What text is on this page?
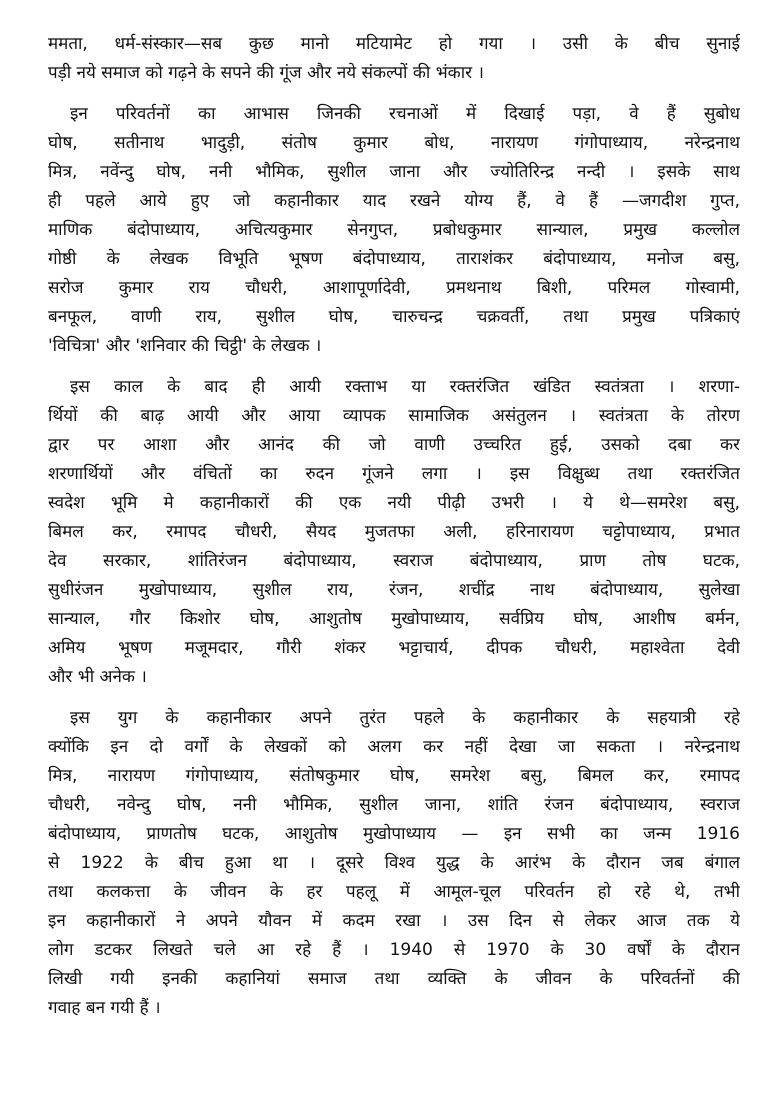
ममता, धर्म-संस्कार—सब कुछ मानो मटियामेट हो गया । उसी के बीच सुनाई
पड़ी नये समाज को गढ़ने के सपने की गूंज और नये संकल्पों की भंकार ।
इन परिवर्तनों का आभास जिनकी रचनाओं में दिखाई पड़ा, वे हैं सुबोध
घोष, सतीनाथ भादुड़ी, संतोष कुमार बोध, नारायण गंगोपाध्याय, नरेन्द्रनाथ
मित्र, नवेंन्दु घोष, ननी भौमिक, सुशील जाना और ज्योतिरिन्द्र नन्दी । इसके साथ
ही पहले आये हुए जो कहानीकार याद रखने योग्य हैं, वे हैं —जगदीश गुप्त,
माणिक बंदोपाध्याय, अचित्यकुमार सेनगुप्त, प्रबोधकुमार सान्याल, प्रमुख कल्लोल
गोष्ठी के लेखक विभूति भूषण बंदोपाध्याय, ताराशंकर बंदोपाध्याय, मनोज बसु,
सरोज कुमार राय चौधरी, आशापूर्णादेवी, प्रमथनाथ बिशी, परिमल गोस्वामी,
बनफूल, वाणी राय, सुशील घोष, चारुचन्द्र चक्रवर्ती, तथा प्रमुख पत्रिकाएं
'विचित्रा' और 'शनिवार की चिट्ठी' के लेखक ।
इस काल के बाद ही आयी रक्ताभ या रक्तरंजित खंडित स्वतंत्रता । शरणा-
र्थियों की बाढ़ आयी और आया व्यापक सामाजिक असंतुलन । स्वतंत्रता के तोरण
द्वार पर आशा और आनंद की जो वाणी उच्चरित हुई, उसको दबा कर
शरणार्थियों और वंचितों का रुदन गूंजने लगा । इस विक्षुब्ध तथा रक्तरंजित
स्वदेश भूमि मे कहानीकारों की एक नयी पीढ़ी उभरी । ये थे—समरेश बसु,
बिमल कर, रमापद चौधरी, सैयद मुजतफा अली, हरिनारायण चट्टोपाध्याय, प्रभात
देव सरकार, शांतिरंजन बंदोपाध्याय, स्वराज बंदोपाध्याय, प्राण तोष घटक,
सुधीरंजन मुखोपाध्याय, सुशील राय, रंजन, शचींद्र नाथ बंदोपाध्याय, सुलेखा
सान्याल, गौर किशोर घोष, आशुतोष मुखोपाध्याय, सर्वप्रिय घोष, आशीष बर्मन,
अमिय भूषण मजूमदार, गौरी शंकर भट्टाचार्य, दीपक चौधरी, महाश्वेता देवी
और भी अनेक ।
इस युग के कहानीकार अपने तुरंत पहले के कहानीकार के सहयात्री रहे
क्योंकि इन दो वर्गों के लेखकों को अलग कर नहीं देखा जा सकता । नरेन्द्रनाथ
मित्र, नारायण गंगोपाध्याय, संतोषकुमार घोष, समरेश बसु, बिमल कर, रमापद
चौधरी, नवेन्दु घोष, ननी भौमिक, सुशील जाना, शांति रंजन बंदोपाध्याय, स्वराज
बंदोपाध्याय, प्राणतोष घटक, आशुतोष मुखोपाध्याय — इन सभी का जन्म 1916
से 1922 के बीच हुआ था । दूसरे विश्व युद्ध के आरंभ के दौरान जब बंगाल
तथा कलकत्ता के जीवन के हर पहलू में आमूल-चूल परिवर्तन हो रहे थे, तभी
इन कहानीकारों ने अपने यौवन में कदम रखा । उस दिन से लेकर आज तक ये
लोग डटकर लिखते चले आ रहे हैं । 1940 से 1970 के 30 वर्षों के दौरान
लिखी गयी इनकी कहानियां समाज तथा व्यक्ति के जीवन के परिवर्तनों की
गवाह बन गयी हैं ।
